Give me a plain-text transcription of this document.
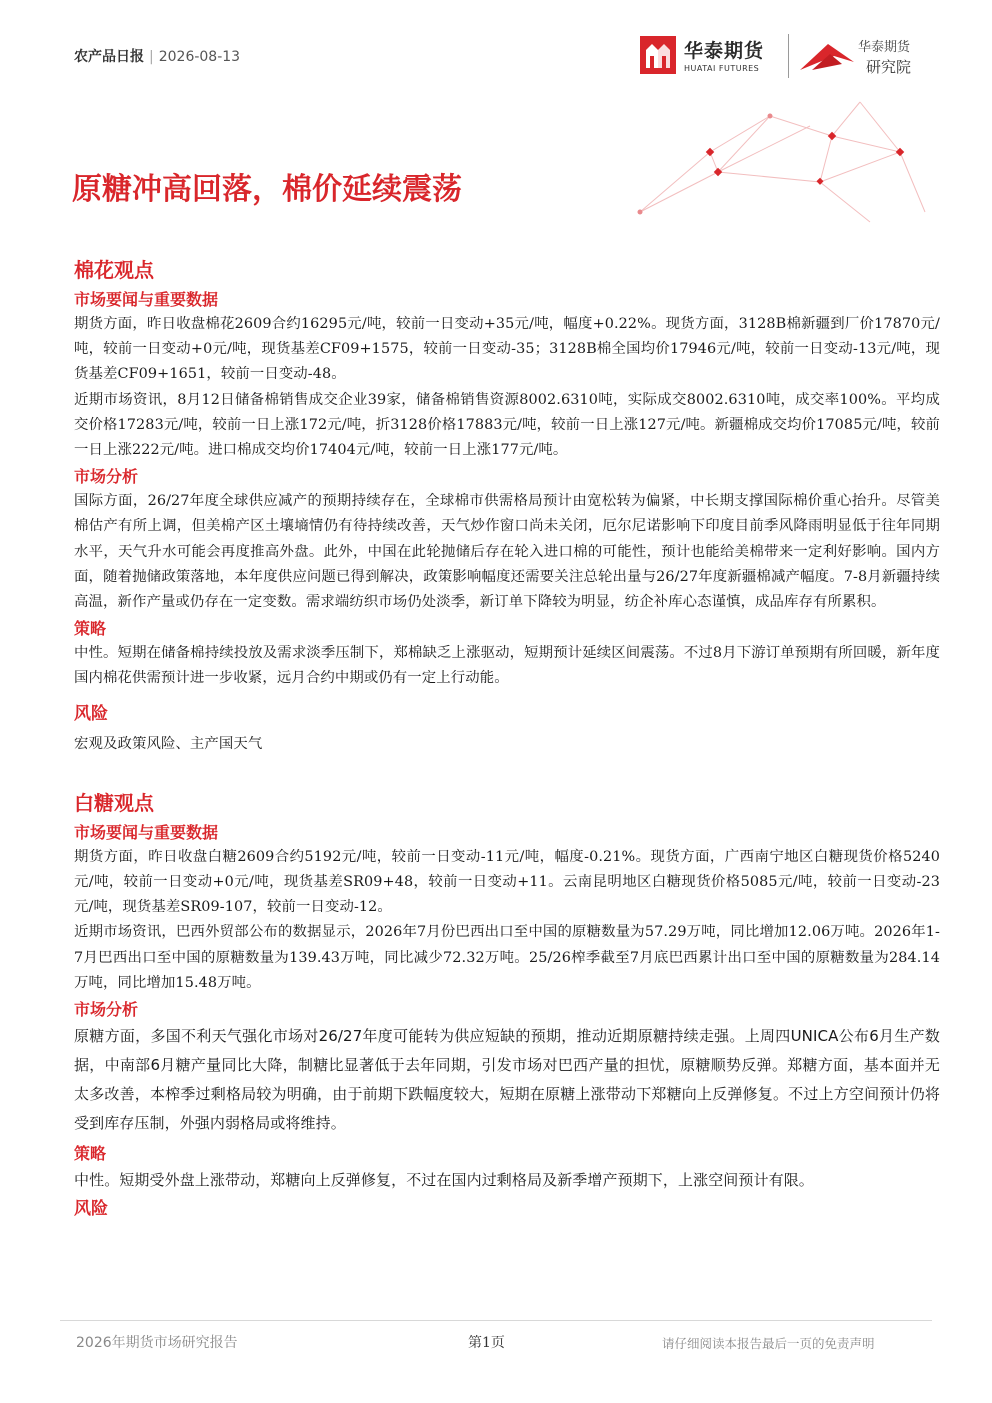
农产品日报 | 2026-08-13	华泰期货
HUATAI FUTURES
华泰期货
研究院
原糖冲高回落，棉价延续震荡
棉花观点
市场要闻与重要数据

期货方面，昨日收盘棉花2609合约16295元/吨，较前一日变动+35元/吨，幅度+0.22%。现货方面，3128B棉新疆到厂价17870元/吨，较前一日变动+0元/吨，现货基差CF09+1575，较前一日变动-35；3128B棉全国均价17946元/吨，较前一日变动-13元/吨，现货基差CF09+1651，较前一日变动-48。

近期市场资讯，8月12日储备棉销售成交企业39家，储备棉销售资源8002.6310吨，实际成交8002.6310吨，成交率100%。平均成交价格17283元/吨，较前一日上涨172元/吨，折3128价格17883元/吨，较前一日上涨127元/吨。新疆棉成交均价17085元/吨，较前一日上涨222元/吨。进口棉成交均价17404元/吨，较前一日上涨177元/吨。

市场分析

国际方面，26/27年度全球供应减产的预期持续存在，全球棉市供需格局预计由宽松转为偏紧，中长期支撑国际棉价重心抬升。尽管美棉估产有所上调，但美棉产区土壤墒情仍有待持续改善，天气炒作窗口尚未关闭，厄尔尼诺影响下印度目前季风降雨明显低于往年同期水平，天气升水可能会再度推高外盘。此外，中国在此轮抛储后存在轮入进口棉的可能性，预计也能给美棉带来一定利好影响。国内方面，随着抛储政策落地，本年度供应问题已得到解决，政策影响幅度还需要关注总轮出量与26/27年度新疆棉减产幅度。7-8月新疆持续高温，新作产量或仍存在一定变数。需求端纺织市场仍处淡季，新订单下降较为明显，纺企补库心态谨慎，成品库存有所累积。

策略

中性。短期在储备棉持续投放及需求淡季压制下，郑棉缺乏上涨驱动，短期预计延续区间震荡。不过8月下游订单预期有所回暖，新年度国内棉花供需预计进一步收紧，远月合约中期或仍有一定上行动能。

风险

宏观及政策风险、主产国天气

白糖观点
市场要闻与重要数据

期货方面，昨日收盘白糖2609合约5192元/吨，较前一日变动-11元/吨，幅度-0.21%。现货方面，广西南宁地区白糖现货价格5240元/吨，较前一日变动+0元/吨，现货基差SR09+48，较前一日变动+11。云南昆明地区白糖现货价格5085元/吨，较前一日变动-23元/吨，现货基差SR09-107，较前一日变动-12。

近期市场资讯，巴西外贸部公布的数据显示，2026年7月份巴西出口至中国的原糖数量为57.29万吨，同比增加12.06万吨。2026年1-7月巴西出口至中国的原糖数量为139.43万吨，同比减少72.32万吨。25/26榨季截至7月底巴西累计出口至中国的原糖数量为284.14万吨，同比增加15.48万吨。

市场分析

原糖方面，多国不利天气强化市场对26/27年度可能转为供应短缺的预期，推动近期原糖持续走强。上周四UNICA公布6月生产数据，中南部6月糖产量同比大降，制糖比显著低于去年同期，引发市场对巴西产量的担忧，原糖顺势反弹。郑糖方面，基本面并无太多改善，本榨季过剩格局较为明确，由于前期下跌幅度较大，短期在原糖上涨带动下郑糖向上反弹修复。不过上方空间预计仍将受到库存压制，外强内弱格局或将维持。

策略

中性。短期受外盘上涨带动，郑糖向上反弹修复，不过在国内过剩格局及新季增产预期下，上涨空间预计有限。

风险
2026年期货市场研究报告	第1页	请仔细阅读本报告最后一页的免责声明
